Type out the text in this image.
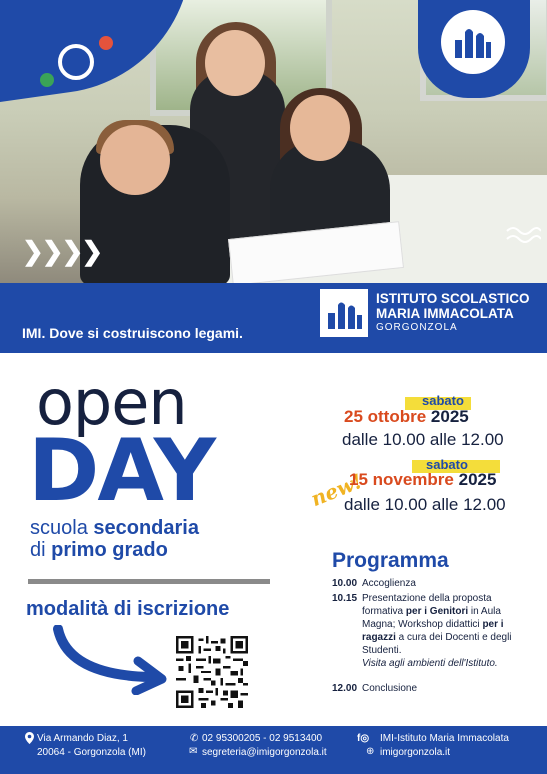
❯❯❯❯
IMI. Dove si costruiscono legami.
ISTITUTO SCOLASTICO
MARIA IMMACOLATA
GORGONZOLA
open
DAY
scuola secondaria
di primo grado
modalità di iscrizione
sabato
25 ottobre 2025
dalle 10.00 alle 12.00
sabato
new!
15 novembre 2025
dalle 10.00 alle 12.00
Programma
10.00 Accoglienza
10.15 Presentazione della proposta
formativa per i Genitori in Aula
Magna; Workshop didattici per i
ragazzi a cura dei Docenti e degli
Studenti.
Visita agli ambienti dell'Istituto.
12.00 Conclusione
Via Armando Diaz, 1
20064 - Gorgonzola (MI)
✆ 02 95300205 - 02 9513400
✉ segreteria@imigorgonzola.it
f◎ IMI-Istituto Maria Immacolata
⊕ imigorgonzola.it
